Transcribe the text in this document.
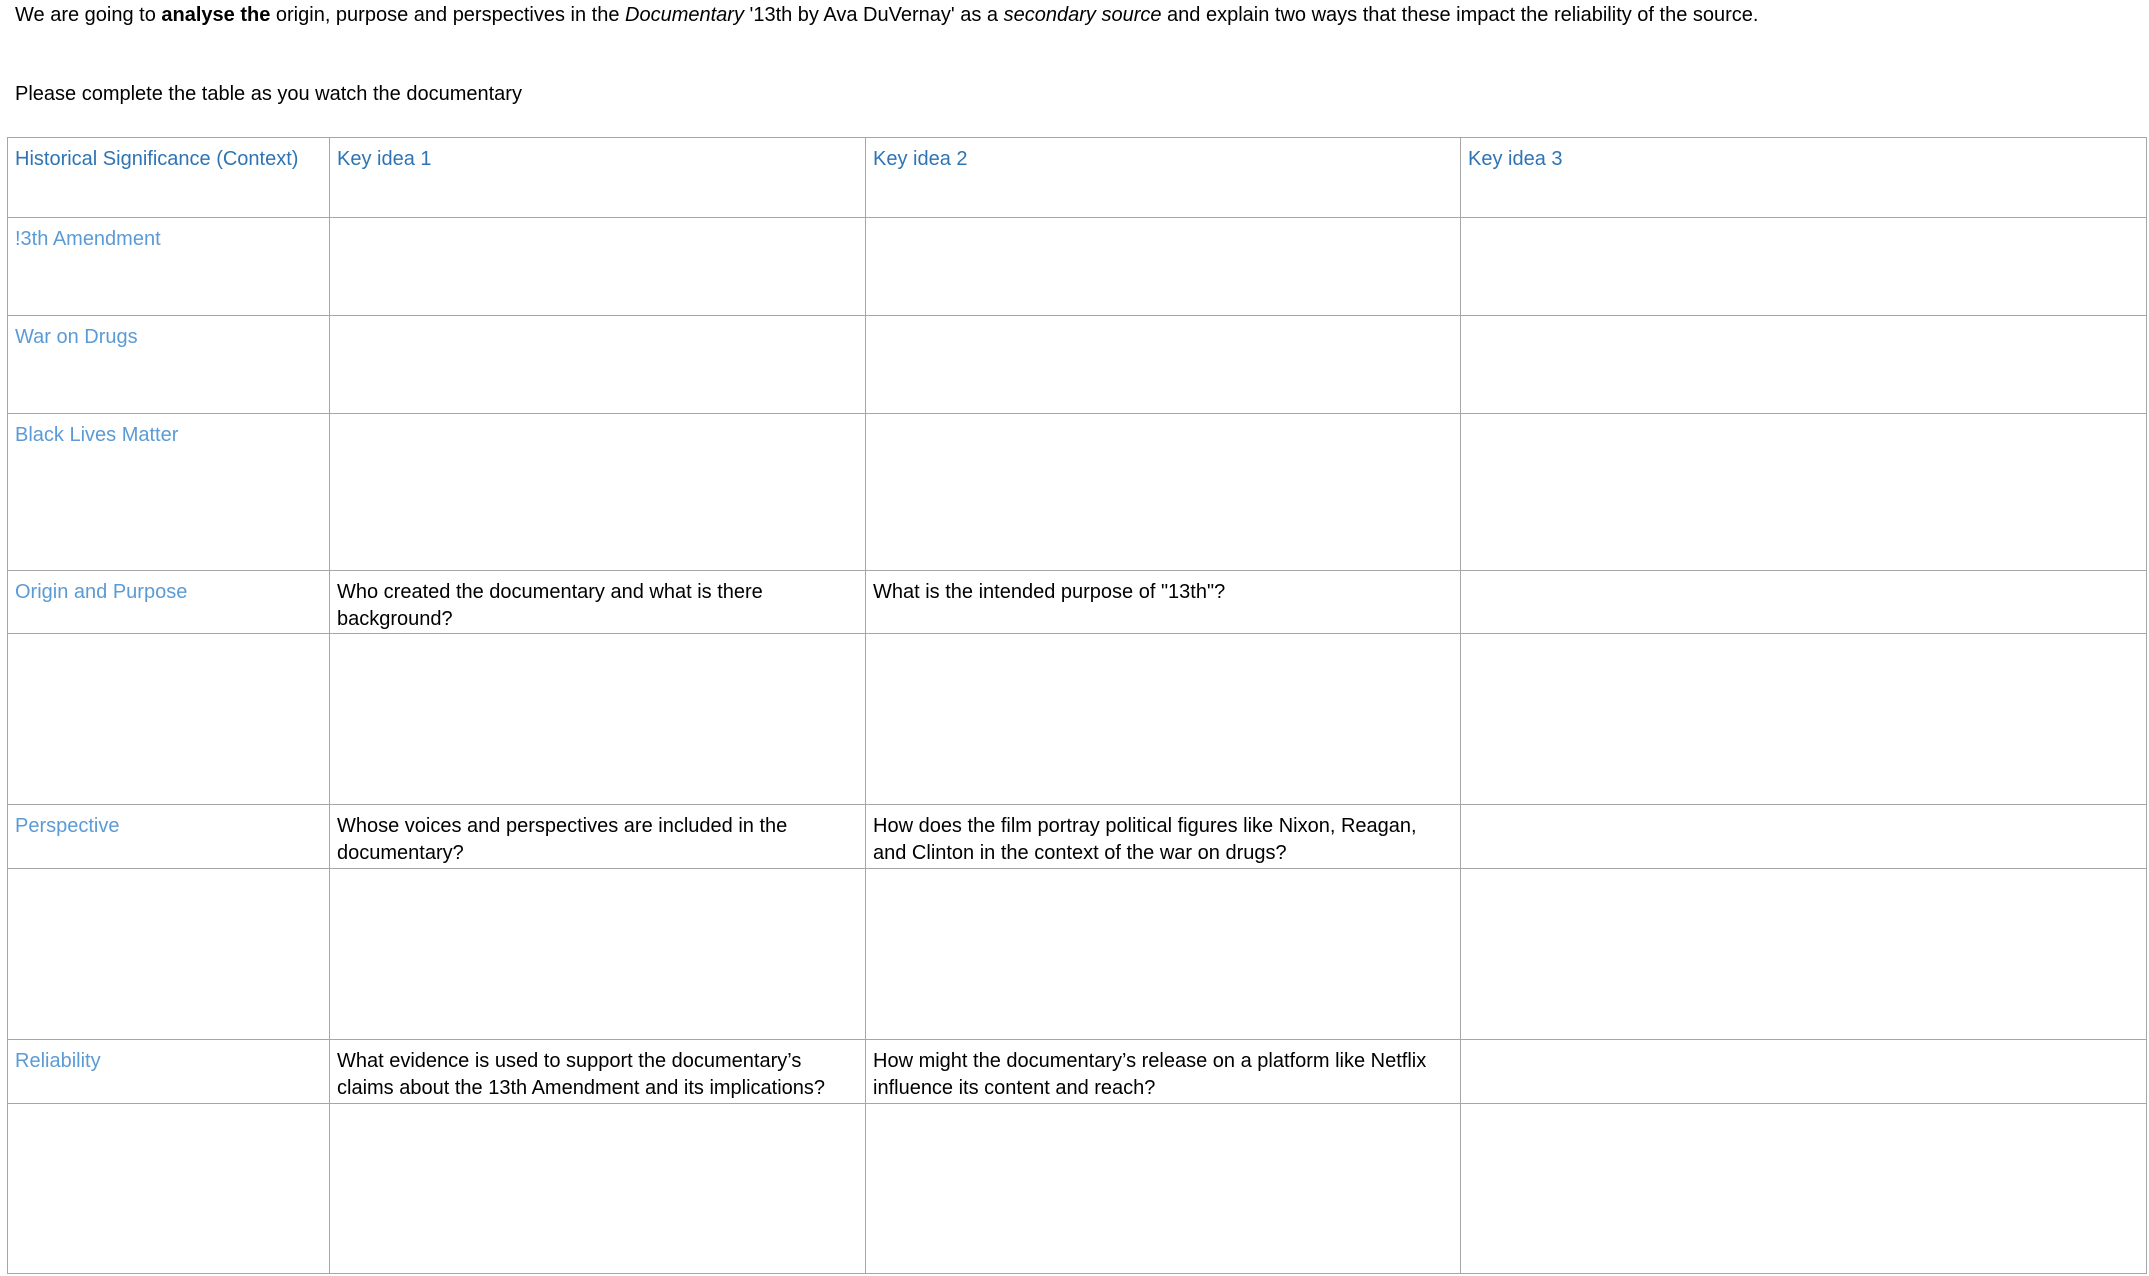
We are going to analyse the origin, purpose and perspectives in the Documentary '13th by Ava DuVernay' as a secondary source and explain two ways that these impact the reliability of the source.

Please complete the table as you watch the documentary

Historical Significance (Context)	Key idea 1	Key idea 2	Key idea 3
!3th Amendment			
War on Drugs			
Black Lives Matter			
Origin and Purpose	Who created the documentary and what is there background?	What is the intended purpose of "13th"?	

Perspective	Whose voices and perspectives are included in the documentary?	How does the film portray political figures like Nixon, Reagan, and Clinton in the context of the war on drugs?	

Reliability	What evidence is used to support the documentary’s claims about the 13th Amendment and its implications?	How might the documentary’s release on a platform like Netflix influence its content and reach?	
